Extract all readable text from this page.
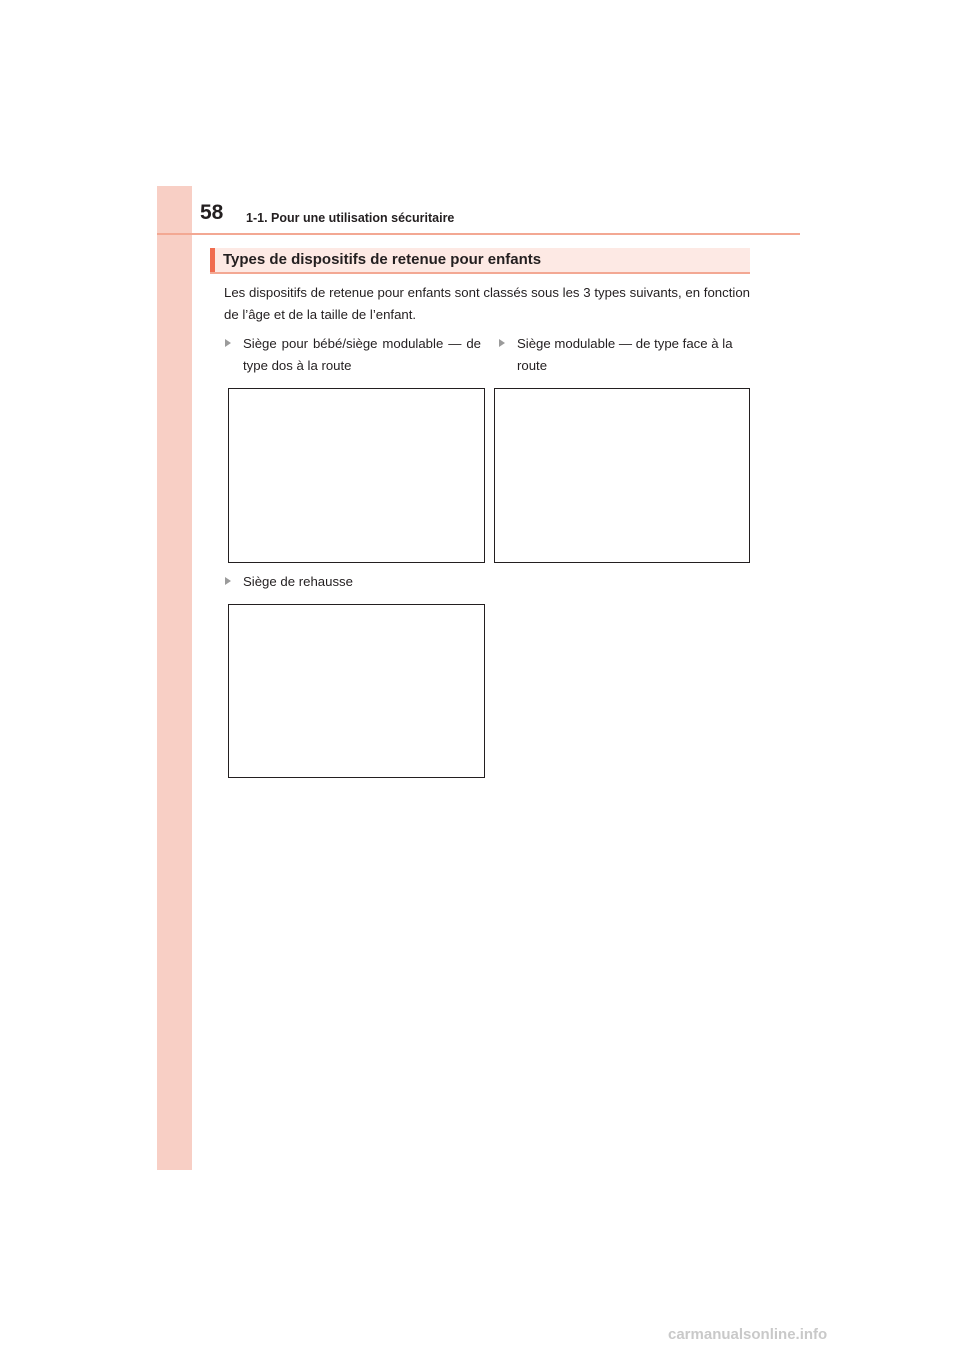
58 1-1. Pour une utilisation sécuritaire
Types de dispositifs de retenue pour enfants
Les dispositifs de retenue pour enfants sont classés sous les 3 types suivants, en fonction de l’âge et de la taille de l’enfant.
Siège pour bébé/siège modulable — de type dos à la route
Siège modulable — de type face à la route
Siège de rehausse
carmanualsonline.info
